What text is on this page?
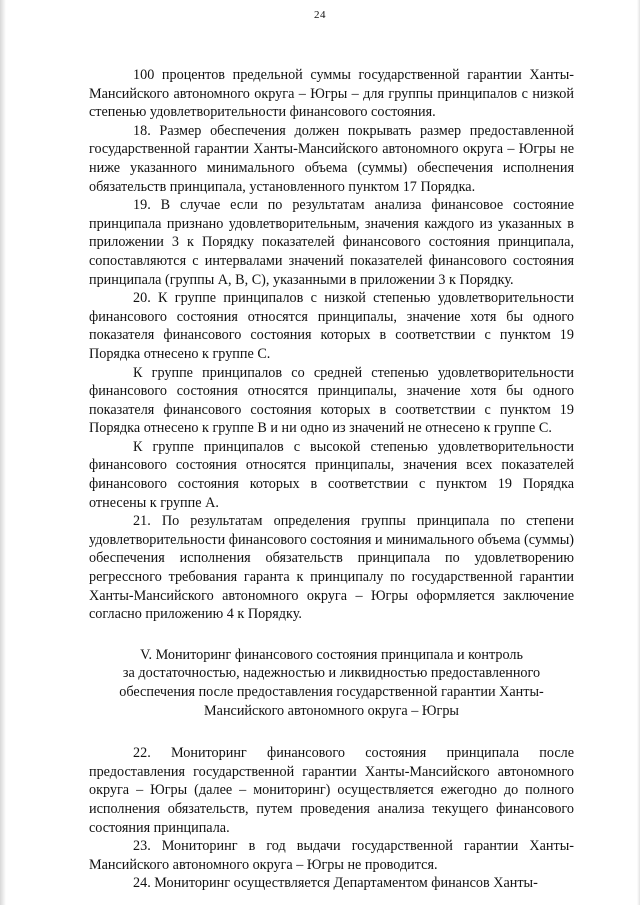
24

100 процентов предельной суммы государственной гарантии Ханты-Мансийского автономного округа – Югры – для группы принципалов с низкой степенью удовлетворительности финансового состояния.

18. Размер обеспечения должен покрывать размер предоставленной государственной гарантии Ханты-Мансийского автономного округа – Югры не ниже указанного минимального объема (суммы) обеспечения исполнения обязательств принципала, установленного пунктом 17 Порядка.

19. В случае если по результатам анализа финансовое состояние принципала признано удовлетворительным, значения каждого из указанных в приложении 3 к Порядку показателей финансового состояния принципала, сопоставляются с интервалами значений показателей финансового состояния принципала (группы A, B, C), указанными в приложении 3 к Порядку.

20. К группе принципалов с низкой степенью удовлетворительности финансового состояния относятся принципалы, значение хотя бы одного показателя финансового состояния которых в соответствии с пунктом 19 Порядка отнесено к группе C.

К группе принципалов со средней степенью удовлетворительности финансового состояния относятся принципалы, значение хотя бы одного показателя финансового состояния которых в соответствии с пунктом 19 Порядка отнесено к группе B и ни одно из значений не отнесено к группе C.

К группе принципалов с высокой степенью удовлетворительности финансового состояния относятся принципалы, значения всех показателей финансового состояния которых в соответствии с пунктом 19 Порядка отнесены к группе A.

21. По результатам определения группы принципала по степени удовлетворительности финансового состояния и минимального объема (суммы) обеспечения исполнения обязательств принципала по удовлетворению регрессного требования гаранта к принципалу по государственной гарантии Ханты-Мансийского автономного округа – Югры оформляется заключение согласно приложению 4 к Порядку.

V. Мониторинг финансового состояния принципала и контроль
за достаточностью, надежностью и ликвидностью предоставленного
обеспечения после предоставления государственной гарантии Ханты-
Мансийского автономного округа – Югры

22. Мониторинг финансового состояния принципала после предоставления государственной гарантии Ханты-Мансийского автономного округа – Югры (далее – мониторинг) осуществляется ежегодно до полного исполнения обязательств, путем проведения анализа текущего финансового состояния принципала.

23. Мониторинг в год выдачи государственной гарантии Ханты-Мансийского автономного округа – Югры не проводится.

24. Мониторинг осуществляется Департаментом финансов Ханты-
